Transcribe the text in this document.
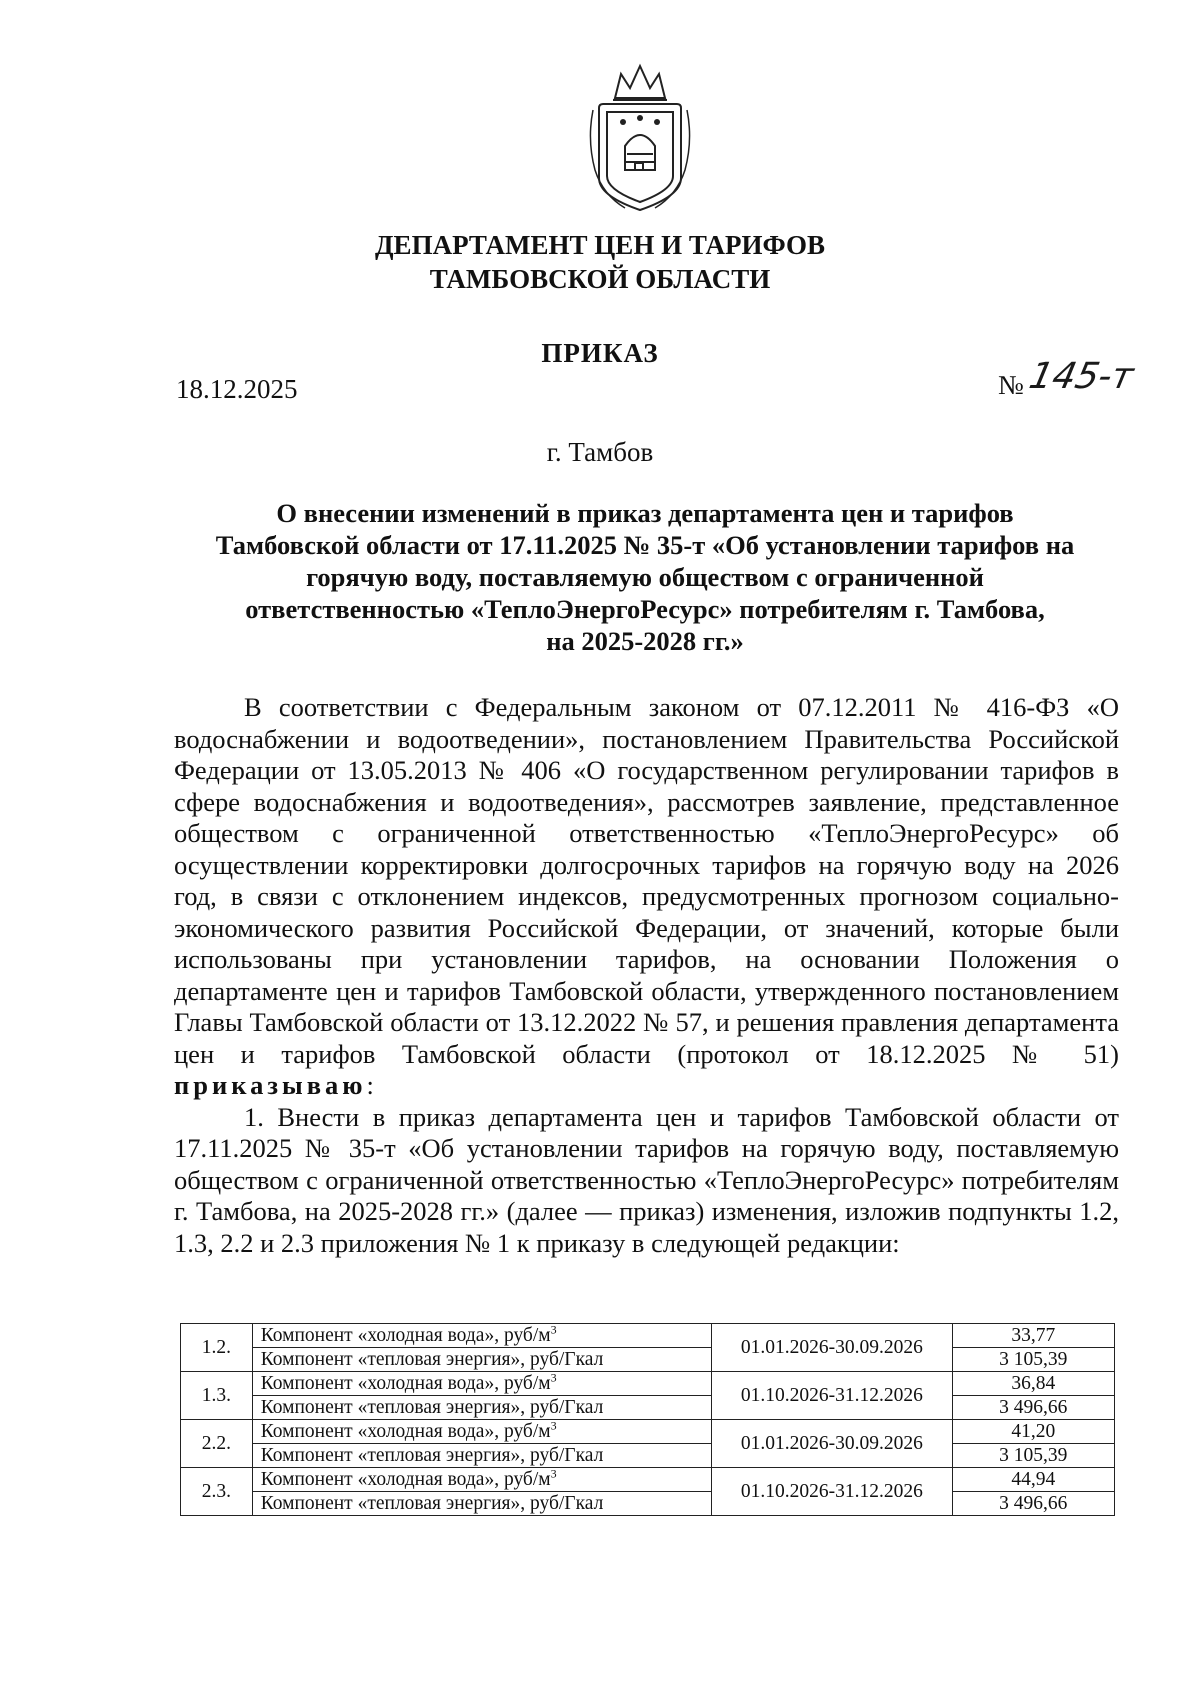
ДЕПАРТАМЕНТ ЦЕН И ТАРИФОВ
ТАМБОВСКОЙ ОБЛАСТИ
ПРИКАЗ
18.12.2025	№ 145-т
г. Тамбов
О внесении изменений в приказ департамента цен и тарифов
Тамбовской области от 17.11.2025 № 35-т «Об установлении тарифов на
горячую воду, поставляемую обществом с ограниченной
ответственностью «ТеплоЭнергоРесурс» потребителям г. Тамбова,
на 2025-2028 гг.»

В соответствии с Федеральным законом от 07.12.2011 № 416-ФЗ «О водоснабжении и водоотведении», постановлением Правительства Российской Федерации от 13.05.2013 № 406 «О государственном регулировании тарифов в сфере водоснабжения и водоотведения», рассмотрев заявление, представленное обществом с ограниченной ответственностью «ТеплоЭнергоРесурс» об осуществлении корректировки долгосрочных тарифов на горячую воду на 2026 год, в связи с отклонением индексов, предусмотренных прогнозом социально-экономического развития Российской Федерации, от значений, которые были использованы при установлении тарифов, на основании Положения о департаменте цен и тарифов Тамбовской области, утвержденного постановлением Главы Тамбовской области от 13.12.2022 № 57, и решения правления департамента цен и тарифов Тамбовской области (протокол от 18.12.2025 № 51) приказываю:

1. Внести в приказ департамента цен и тарифов Тамбовской области от 17.11.2025 № 35-т «Об установлении тарифов на горячую воду, поставляемую обществом с ограниченной ответственностью «ТеплоЭнергоРесурс» потребителям г. Тамбова, на 2025-2028 гг.» (далее — приказ) изменения, изложив подпункты 1.2, 1.3, 2.2 и 2.3 приложения № 1 к приказу в следующей редакции:

1.2.	Компонент «холодная вода», руб/$м^3$	01.01.2026-30.09.2026	33,77
	Компонент «тепловая энергия», руб/Гкал		3 105,39
1.3.	Компонент «холодная вода», руб/$м^3$	01.10.2026-31.12.2026	36,84
	Компонент «тепловая энергия», руб/Гкал		3 496,66
2.2.	Компонент «холодная вода», руб/$м^3$	01.01.2026-30.09.2026	41,20
	Компонент «тепловая энергия», руб/Гкал		3 105,39
2.3.	Компонент «холодная вода», руб/$м^3$	01.10.2026-31.12.2026	44,94
	Компонент «тепловая энергия», руб/Гкал		3 496,66
